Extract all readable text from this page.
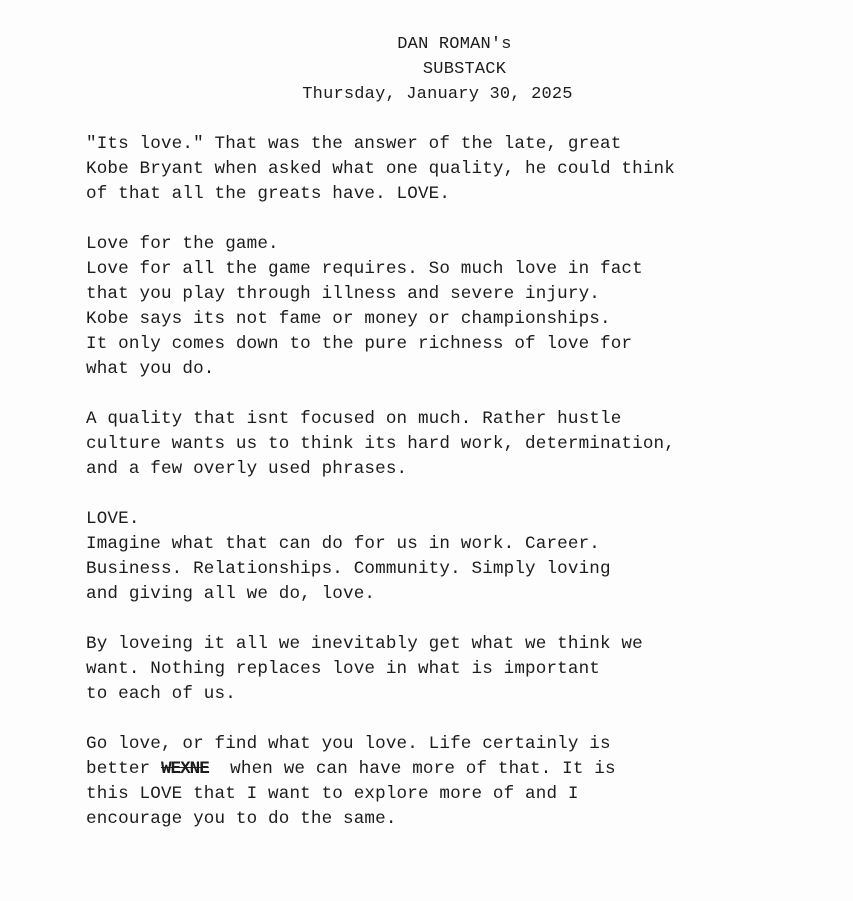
DAN ROMAN's
SUBSTACK
Thursday, January 30, 2025
"Its love." That was the answer of the late, great
Kobe Bryant when asked what one quality, he could think
of that all the greats have. LOVE.
Love for the game.
Love for all the game requires. So much love in fact
that you play through illness and severe injury.
Kobe says its not fame or money or championships.
It only comes down to the pure richness of love for
what you do.
A quality that isnt focused on much. Rather hustle
culture wants us to think its hard work, determination,
and a few overly used phrases.
LOVE.
Imagine what that can do for us in work. Career.
Business. Relationships. Community. Simply loving
and giving all we do, love.
By loveing it all we inevitably get what we think we
want. Nothing replaces love in what is important
to each of us.
Go love, or find what you love. Life certainly is
better WEXNE  when we can have more of that. It is
this LOVE that I want to explore more of and I
encourage you to do the same.
